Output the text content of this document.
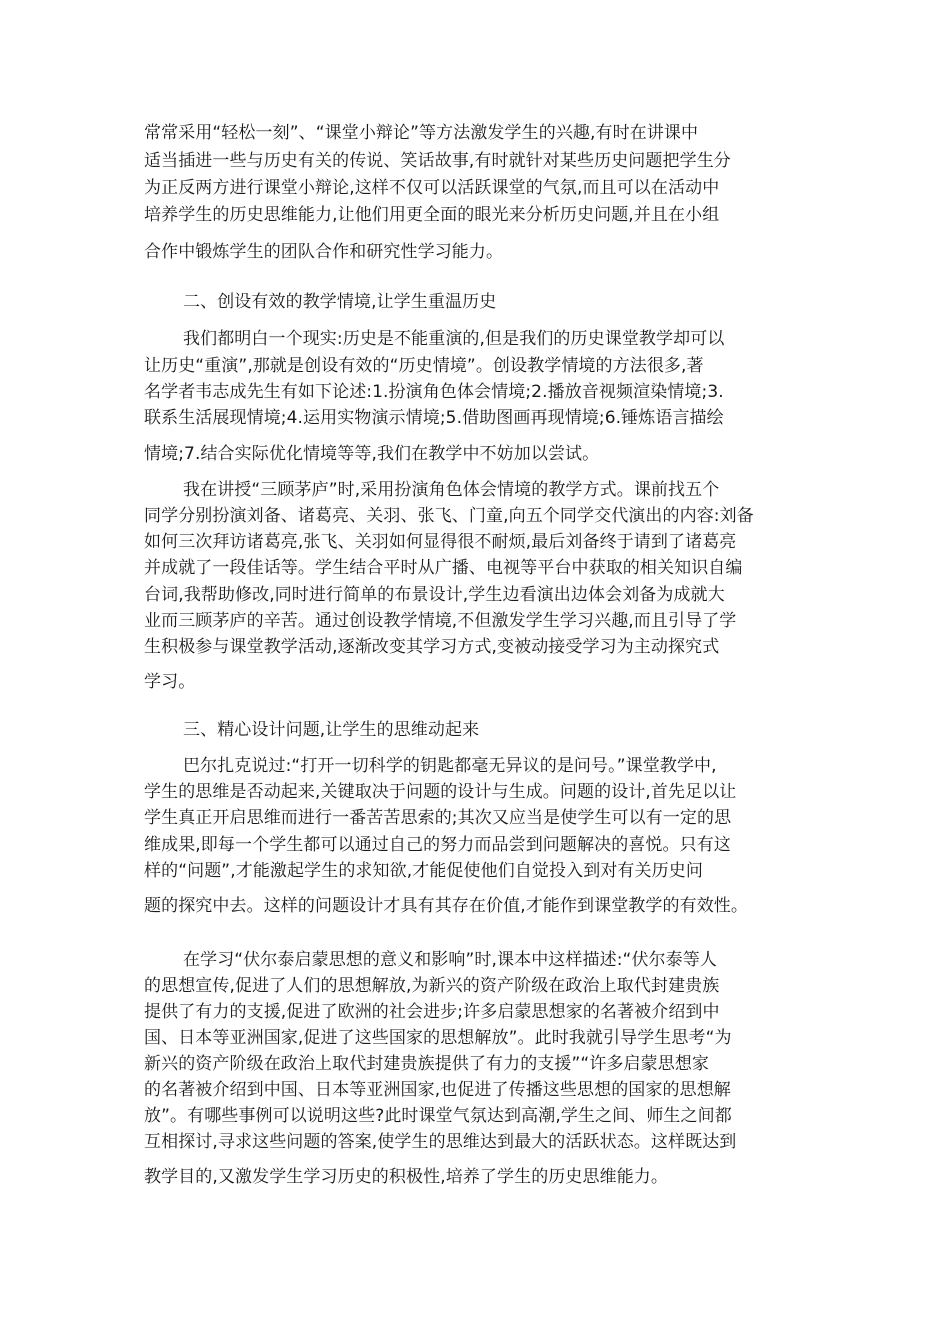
常常采用“轻松一刻”、“课堂小辩论”等方法激发学生的兴趣,有时在讲课中
适当插进一些与历史有关的传说、笑话故事,有时就针对某些历史问题把学生分
为正反两方进行课堂小辩论,这样不仅可以活跃课堂的气氛,而且可以在活动中
培养学生的历史思维能力,让他们用更全面的眼光来分析历史问题,并且在小组
合作中锻炼学生的团队合作和研究性学习能力。
二、创设有效的教学情境,让学生重温历史
我们都明白一个现实:历史是不能重演的,但是我们的历史课堂教学却可以
让历史“重演”,那就是创设有效的“历史情境”。创设教学情境的方法很多,著
名学者韦志成先生有如下论述:1.扮演角色体会情境;2.播放音视频渲染情境;3.
联系生活展现情境;4.运用实物演示情境;5.借助图画再现情境;6.锤炼语言描绘
情境;7.结合实际优化情境等等,我们在教学中不妨加以尝试。
我在讲授“三顾茅庐”时,采用扮演角色体会情境的教学方式。课前找五个
同学分别扮演刘备、诸葛亮、关羽、张飞、门童,向五个同学交代演出的内容:刘备
如何三次拜访诸葛亮,张飞、关羽如何显得很不耐烦,最后刘备终于请到了诸葛亮
并成就了一段佳话等。学生结合平时从广播、电视等平台中获取的相关知识自编
台词,我帮助修改,同时进行简单的布景设计,学生边看演出边体会刘备为成就大
业而三顾茅庐的辛苦。通过创设教学情境,不但激发学生学习兴趣,而且引导了学
生积极参与课堂教学活动,逐渐改变其学习方式,变被动接受学习为主动探究式
学习。
三、精心设计问题,让学生的思维动起来
巴尔扎克说过:“打开一切科学的钥匙都毫无异议的是问号。”课堂教学中,
学生的思维是否动起来,关键取决于问题的设计与生成。问题的设计,首先足以让
学生真正开启思维而进行一番苦苦思索的;其次又应当是使学生可以有一定的思
维成果,即每一个学生都可以通过自己的努力而品尝到问题解决的喜悦。只有这
样的“问题”,才能激起学生的求知欲,才能促使他们自觉投入到对有关历史问
题的探究中去。这样的问题设计才具有其存在价值,才能作到课堂教学的有效性。
在学习“伏尔泰启蒙思想的意义和影响”时,课本中这样描述:“伏尔泰等人
的思想宣传,促进了人们的思想解放,为新兴的资产阶级在政治上取代封建贵族
提供了有力的支援,促进了欧洲的社会进步;许多启蒙思想家的名著被介绍到中
国、日本等亚洲国家,促进了这些国家的思想解放”。此时我就引导学生思考“为
新兴的资产阶级在政治上取代封建贵族提供了有力的支援”“许多启蒙思想家
的名著被介绍到中国、日本等亚洲国家,也促进了传播这些思想的国家的思想解
放”。有哪些事例可以说明这些?此时课堂气氛达到高潮,学生之间、师生之间都
互相探讨,寻求这些问题的答案,使学生的思维达到最大的活跃状态。这样既达到
教学目的,又激发学生学习历史的积极性,培养了学生的历史思维能力。
